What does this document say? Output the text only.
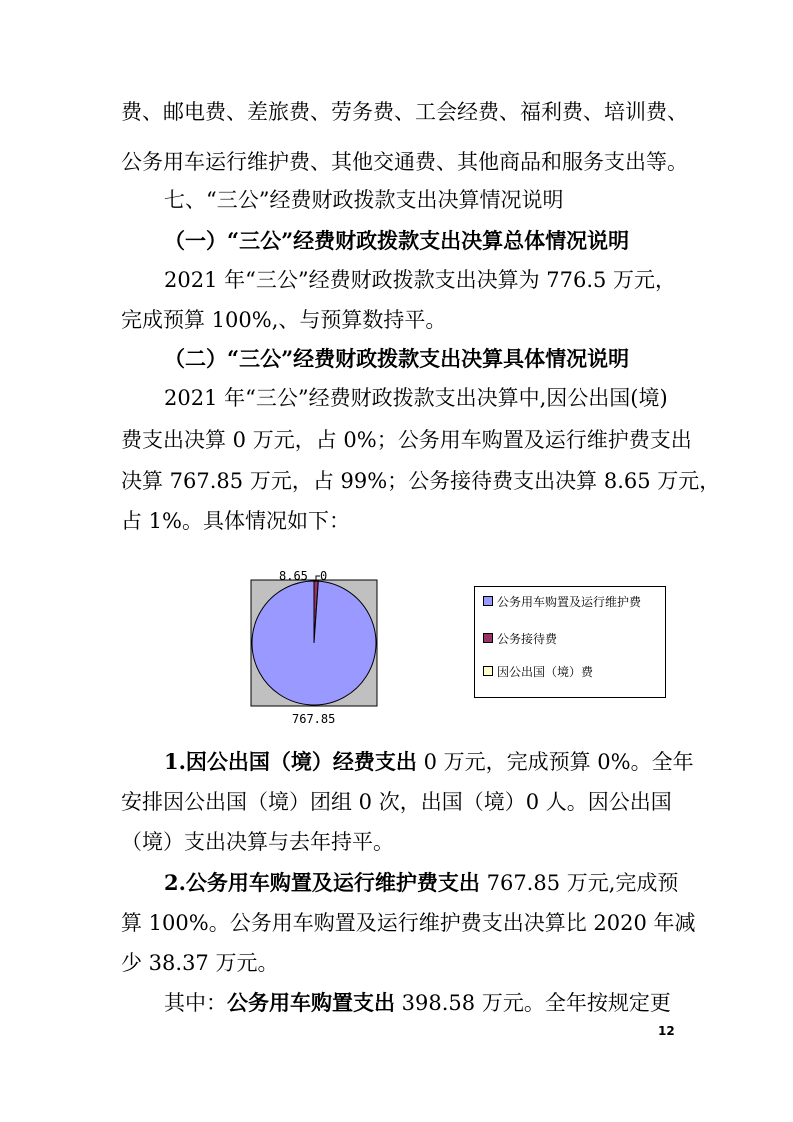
费、邮电费、差旅费、劳务费、工会经费、福利费、培训费、
公务用车运行维护费、其他交通费、其他商品和服务支出等。
七、“三公”经费财政拨款支出决算情况说明
（一）“三公”经费财政拨款支出决算总体情况说明
2021 年“三公”经费财政拨款支出决算为 776.5 万元，
完成预算 100%,、与预算数持平。
（二）“三公”经费财政拨款支出决算具体情况说明
2021 年“三公”经费财政拨款支出决算中,因公出国(境)
费支出决算 0 万元，占 0%；公务用车购置及运行维护费支出
决算 767.85 万元，占 99%；公务接待费支出决算 8.65 万元，
占 1%。具体情况如下：
8.65 0
767.85
公务用车购置及运行维护费
公务接待费
因公出国（境）费
1.因公出国（境）经费支出 0 万元，完成预算 0%。全年
安排因公出国（境）团组 0 次，出国（境）0 人。因公出国
（境）支出决算与去年持平。
2.公务用车购置及运行维护费支出 767.85 万元,完成预
算 100%。公务用车购置及运行维护费支出决算比 2020 年减
少 38.37 万元。
其中：公务用车购置支出 398.58 万元。全年按规定更
12
